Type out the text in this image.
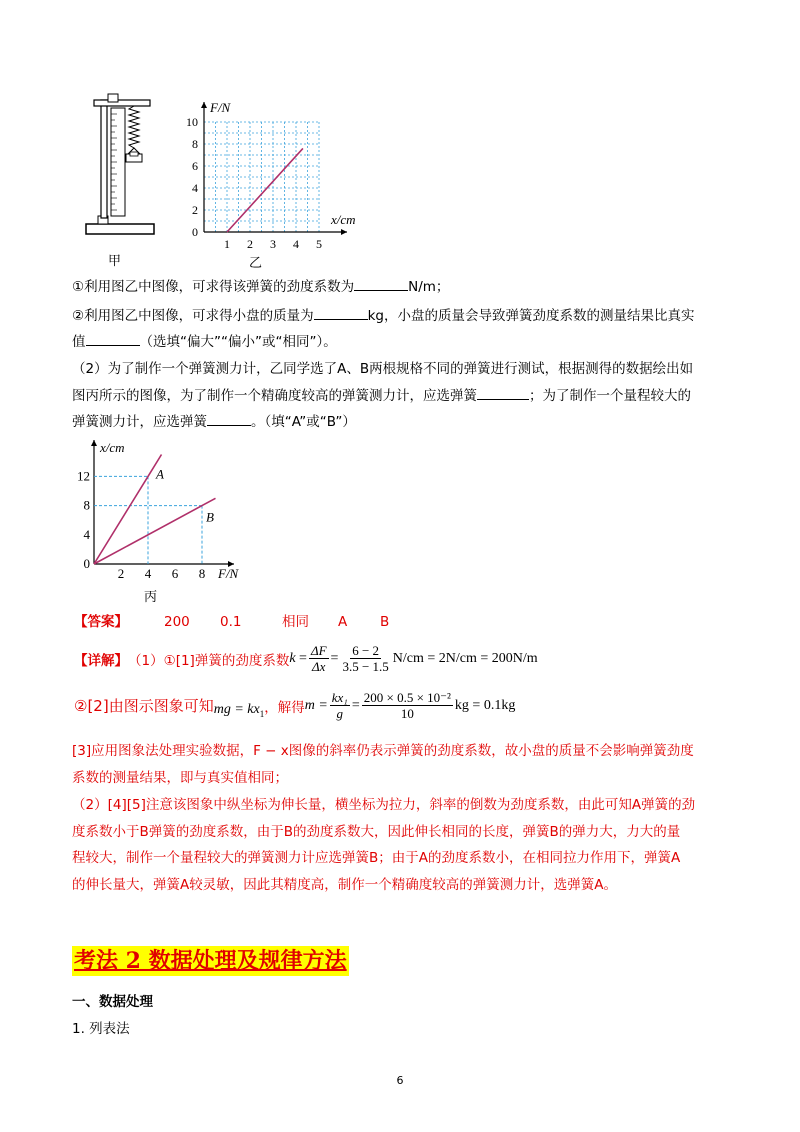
甲
F/N
x/cm
0
2
4
6
8
10
1 2 3 4 5
乙
①利用图乙中图像，可求得该弹簧的劲度系数为	N/m；
②利用图乙中图像，可求得小盘的质量为	kg，小盘的质量会导致弹簧劲度系数的测量结果比真实
值	（选填“偏大”“偏小”或“相同”）。
（2）为了制作一个弹簧测力计，乙同学选了A、B两根规格不同的弹簧进行测试，根据测得的数据绘出如
图丙所示的图像，为了制作一个精确度较高的弹簧测力计，应选弹簧	；为了制作一个量程较大的
弹簧测力计，应选弹簧	。（填“A”或“B”）
x/cm
F/N
12
8
4
0
2 4 6 8
A
B
丙
【答案】	200 0.1	相同 A B
【详解】 （1）①[1]弹簧的劲度系数 k
= $\frac{\Delta F}{\Delta x} = \frac{6 - 2}{3.5 - 1.5} N/cm = 2N/cm = 200N/m$
②[2]由图示图象可知 mg = $kx_1$ ，解得 $m = \frac{\text{kx₁}}{g} = \frac{\text{200 × 0.5 × 10⁻²}}{10}$ kg = 0.1kg
[3]应用图象法处理实验数据，F − x图像的斜率仍表示弹簧的劲度系数，故小盘的质量不会影响弹簧劲度
系数的测量结果，即与真实值相同；
（2）[4][5]注意该图象中纵坐标为伸长量，横坐标为拉力，斜率的倒数为劲度系数，由此可知A弹簧的劲
度系数小于B弹簧的劲度系数，由于B的劲度系数大，因此伸长相同的长度，弹簧B的弹力大，力大的量
程较大，制作一个量程较大的弹簧测力计应选弹簧B；由于A的劲度系数小，在相同拉力作用下，弹簧A
的伸长量大，弹簧A较灵敏，因此其精度高，制作一个精确度较高的弹簧测力计，选弹簧A。
考法 2 数据处理及规律方法
一、数据处理
1. 列表法
6
